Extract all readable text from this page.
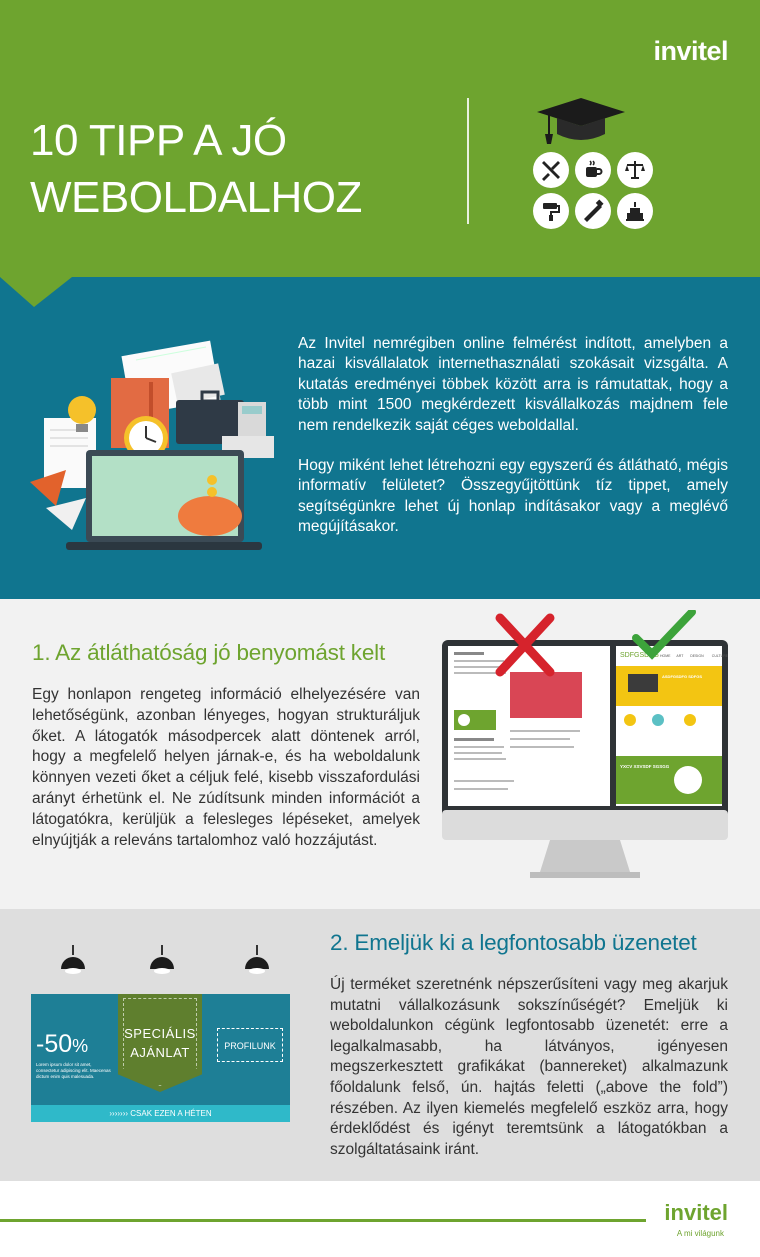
invitel
10 TIPP A JÓ
WEBOLDALHOZ

Az Invitel nemrégiben online felmérést indított, amelyben a hazai kisvállalatok internethasználati szokásait vizsgálta. A kutatás eredményei többek között arra is rámutattak, hogy a több mint 1500 megkérdezett kisvállalkozás majdnem fele nem rendelkezik saját céges weboldallal.

Hogy miként lehet létrehozni egy egyszerű és átlátható, mégis informatív felületet? Összegyűjtöttünk tíz tippet, amely segítségünkre lehet új honlap indításakor vagy a meglévő megújításakor.

1. Az átláthatóság jó benyomást kelt

Egy honlapon rengeteg információ elhelyezésére van lehetőségünk, azonban lényeges, hogyan strukturáljuk őket. A látogatók másodpercek alatt döntenek arról, hogy a megfelelő helyen járnak-e, és ha weboldalunk könnyen vezeti őket a céljuk felé, kisebb visszafordulási arányt érhetünk el. Ne zúdítsunk minden információt a látogatókra, kerüljük a felesleges lépéseket, amelyek elnyújtják a releváns tartalomhoz való hozzájutást.

SDFGSDFG HOME ART DESIGN CULTURE
ASDFGSDFG SDFGS
YXCV XSVSDF SGSGG
2. Emeljük ki a legfontosabb üzenetet

Új terméket szeretnénk népszerűsíteni vagy meg akarjuk mutatni vállalkozásunk sokszínűségét? Emeljük ki weboldalunkon cégünk legfontosabb üzenetét: erre a legalkalmasabb, ha látványos, igényesen megszerkesztett grafikákat (bannereket) alkalmazunk főoldalunk felső, ún. hajtás feletti („above the fold”) részében. Az ilyen kiemelés megfelelő eszköz arra, hogy érdeklődést és igényt teremtsünk a látogatókban a szolgáltatásaink iránt.

-50%
Lorem ipsum dolor sit amet, consectetur adipiscing elit. Maecenas dictum enim quis malesuada.
SPECIÁLIS
AJÁNLAT	PROFILUNK
››››››› CSAK EZEN A HÉTEN
invitel
A mi világunk
